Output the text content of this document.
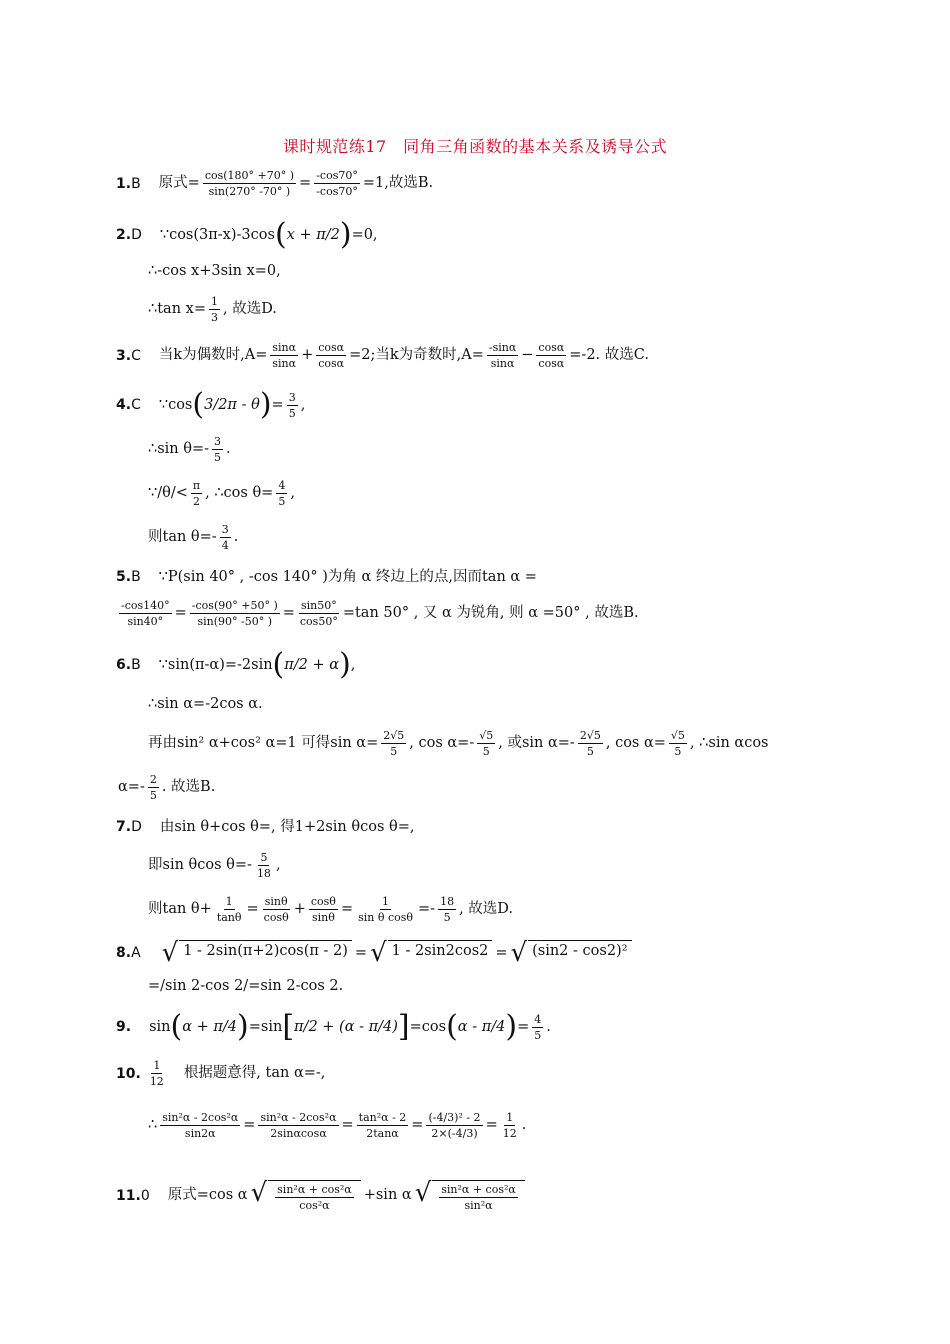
课时规范练17　同角三角函数的基本关系及诱导公式
1.B 原式= $\frac{\cos(180^\circ +70^\circ )}{\sin(270^\circ -70^\circ )} = \frac{-\cos 70^\circ}{-\cos 70^\circ} =1$,故选B.
2.D ∵cos(3π-x)-3cos ( x + π/2 ) =0,
∴-cos x+3sin x=0,
∴tan $x= \frac{1}{3}$ , 故选D.
3.C 当k为偶数时$,A= \frac{\sin\alpha}{\sin\alpha} + \frac{\cos\alpha}{\cos\alpha} =2$;当k为奇数时$,A= \frac{-\sin\alpha}{\sin\alpha} - \frac{\cos\alpha}{\cos\alpha} =-2$. 故选C.
4.C ∵cos ( 3/2π - θ ) = $\frac{3}{5}$ ,
∴sin $\theta=- \frac{3}{5}$ .
∵/θ/< $\frac{\pi}{2}$ , ∴cos $\theta= \frac{4}{5}$ ,
则$\tan \theta=- \frac{3}{4}$ .
5.B ∵P(sin 40° , -cos 140° )为角 α 终边上的点,因而tan α =
$\frac{-\cos 140^\circ}{\sin 40^\circ} = \frac{-\cos(90^\circ +50^\circ )}{\sin(90^\circ -50^\circ )} = \frac{\sin 50^\circ}{\cos 50^\circ} =\tan$ 50° , 又 α 为锐角, 则 α =50° , 故选B.
6.B ∵sin(π-α)=-2sin ( π/2 + α ) ,
∴sin α=-2cos α.
再由sin² α+cos² α=1 可得$\sin \alpha= \frac{2√5}{5}$ , $\cos \alpha=- \frac{√5}{5}$ , 或$\sin \alpha=- \frac{2√5}{5}$ , $\cos \alpha= \frac{√5}{5}$ , ∴sin αcos
$\alpha=- \frac{2}{5}$ . 故选B.
7.D 由sin θ+cos θ=, 得1+2sin θcos θ=,
即sin θcos $\theta=- \frac{5}{18}$ ,
则$\tan \theta+ \frac{1}{\tan\theta} = \frac{\sin\theta}{\cos\theta} + \frac{\cos\theta}{\sin\theta} = \frac{1}{\text{sin θ cosθ}} =- \frac{18}{5}$ , 故选D.
8.A √ 1 - 2sin(π+2)cos(π - 2) = √ 1 - 2sin2cos2 = √ (sin2 - cos2)²
=/sin 2-cos 2/=sin 2-cos 2.
9. sin ( α + π/4 ) =sin [ π/2 + (α - π/4) ] =cos ( α - π/4 ) = $\frac{4}{5}$ .
10. $\frac{1}{12}$ 根据题意得, tan α=-,
∴ $\frac{\text{sin²α - 2cos²α}}{\sin 2\alpha} = \frac{\text{sin²α - 2cos²α}}{2\sin\alpha\cos\alpha} = \frac{\text{tan²α - 2}}{2\tan\alpha} = \frac{\text{(-4/3)² - 2}}{2\times(-4/3)} = \frac{1}{12}$ .
11.0 原式=cos α √ $\frac{\text{sin²α + cos²α}}{\text{cos²α}} +\sin$ α √ $\frac{\text{sin²α + cos²α}}{\text{sin²α}}$
